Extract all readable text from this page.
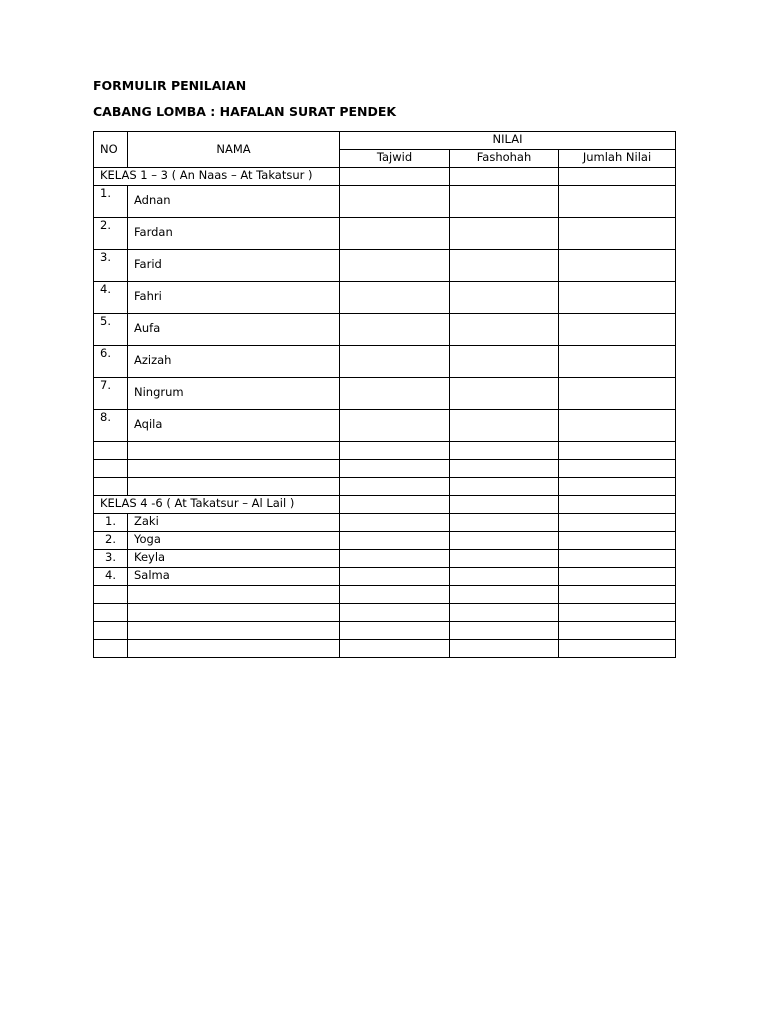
FORMULIR PENILAIAN
CABANG LOMBA : HAFALAN SURAT PENDEK
NO	NAMA	NILAI		
		Tajwid	Fashohah	Jumlah Nilai
KELAS 1 – 3 ( An Naas – At Takatsur )				
1.	Adnan			

2.	Fardan			

3.	Farid			

4.	Fahri			

5.	Aufa			

6.	Azizah			

7.	Ningrum			

8.	Aqila			

KELAS 4 -6 ( At Takatsur – Al Lail )				
1.	Zaki			
2.	Yoga			
3.	Keyla			
4.	Salma			
